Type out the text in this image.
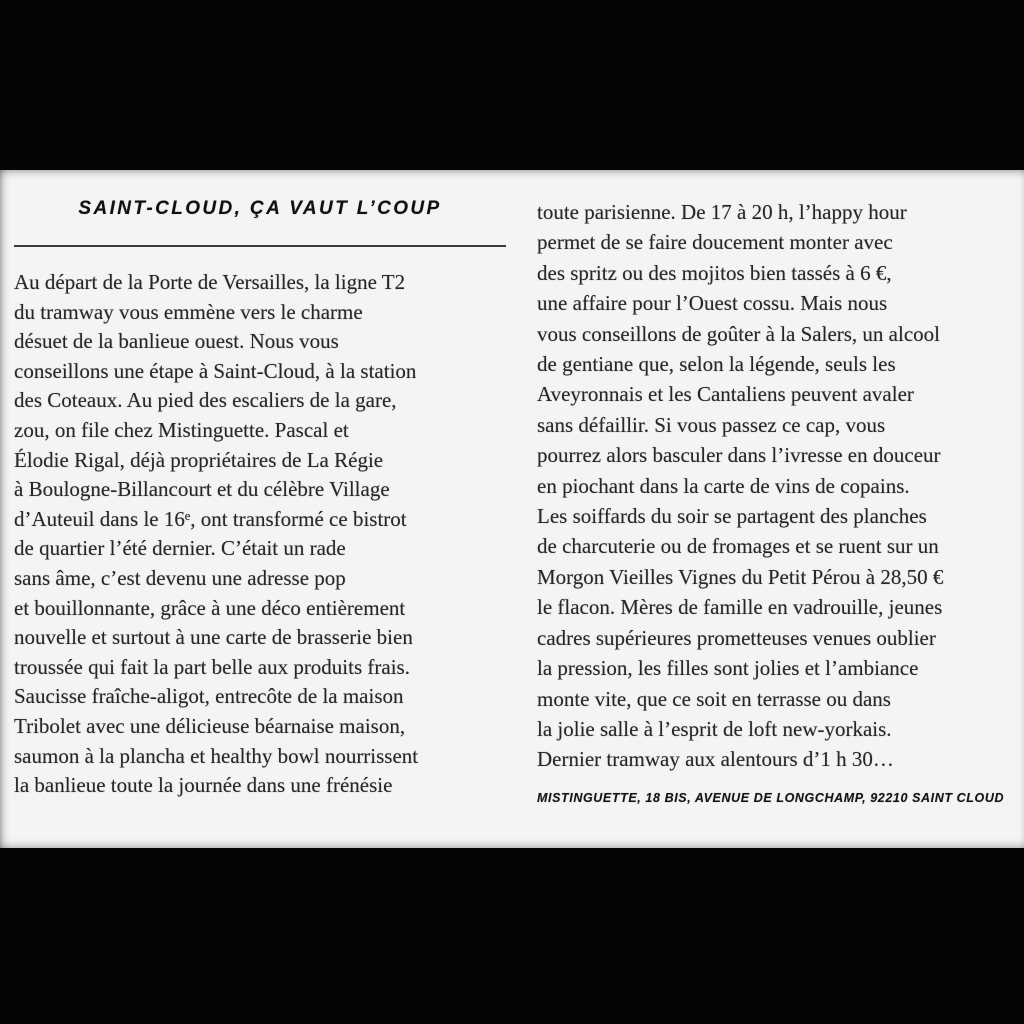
SAINT-CLOUD, ÇA VAUT L’COUP
Au départ de la Porte de Versailles, la ligne T2
du tramway vous emmène vers le charme
désuet de la banlieue ouest. Nous vous
conseillons une étape à Saint-Cloud, à la station
des Coteaux. Au pied des escaliers de la gare,
zou, on file chez Mistinguette. Pascal et
Élodie Rigal, déjà propriétaires de La Régie
à Boulogne-Billancourt et du célèbre Village
d’Auteuil dans le 16ᵉ, ont transformé ce bistrot
de quartier l’été dernier. C’était un rade
sans âme, c’est devenu une adresse pop
et bouillonnante, grâce à une déco entièrement
nouvelle et surtout à une carte de brasserie bien
troussée qui fait la part belle aux produits frais.
Saucisse fraîche-aligot, entrecôte de la maison
Tribolet avec une délicieuse béarnaise maison,
saumon à la plancha et healthy bowl nourrissent
la banlieue toute la journée dans une frénésie
toute parisienne. De 17 à 20 h, l’happy hour
permet de se faire doucement monter avec
des spritz ou des mojitos bien tassés à 6 €,
une affaire pour l’Ouest cossu. Mais nous
vous conseillons de goûter à la Salers, un alcool
de gentiane que, selon la légende, seuls les
Aveyronnais et les Cantaliens peuvent avaler
sans défaillir. Si vous passez ce cap, vous
pourrez alors basculer dans l’ivresse en douceur
en piochant dans la carte de vins de copains.
Les soiffards du soir se partagent des planches
de charcuterie ou de fromages et se ruent sur un
Morgon Vieilles Vignes du Petit Pérou à 28,50 €
le flacon. Mères de famille en vadrouille, jeunes
cadres supérieures prometteuses venues oublier
la pression, les filles sont jolies et l’ambiance
monte vite, que ce soit en terrasse ou dans
la jolie salle à l’esprit de loft new-yorkais.
Dernier tramway aux alentours d’1 h 30…
MISTINGUETTE, 18 BIS, AVENUE DE LONGCHAMP, 92210 SAINT CLOUD
